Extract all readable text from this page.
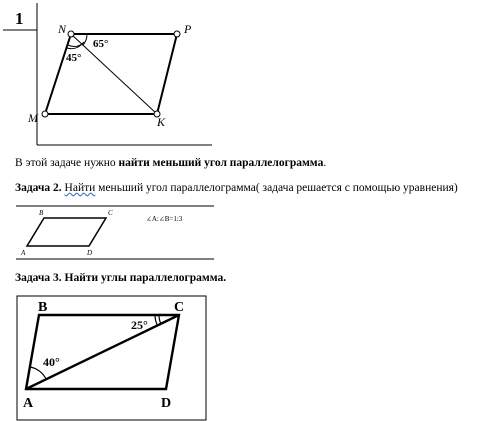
1
N	P
M	K
65°
45°
В этой задаче нужно найти меньший угол параллелограмма.
Задача 2. Найти меньший угол параллелограмма( задача решается с помощью уравнения)
B	C
A	D
∠A:∠B=1:3
Задача 3. Найти углы параллелограмма.
B	C
A	D
25°
40°
